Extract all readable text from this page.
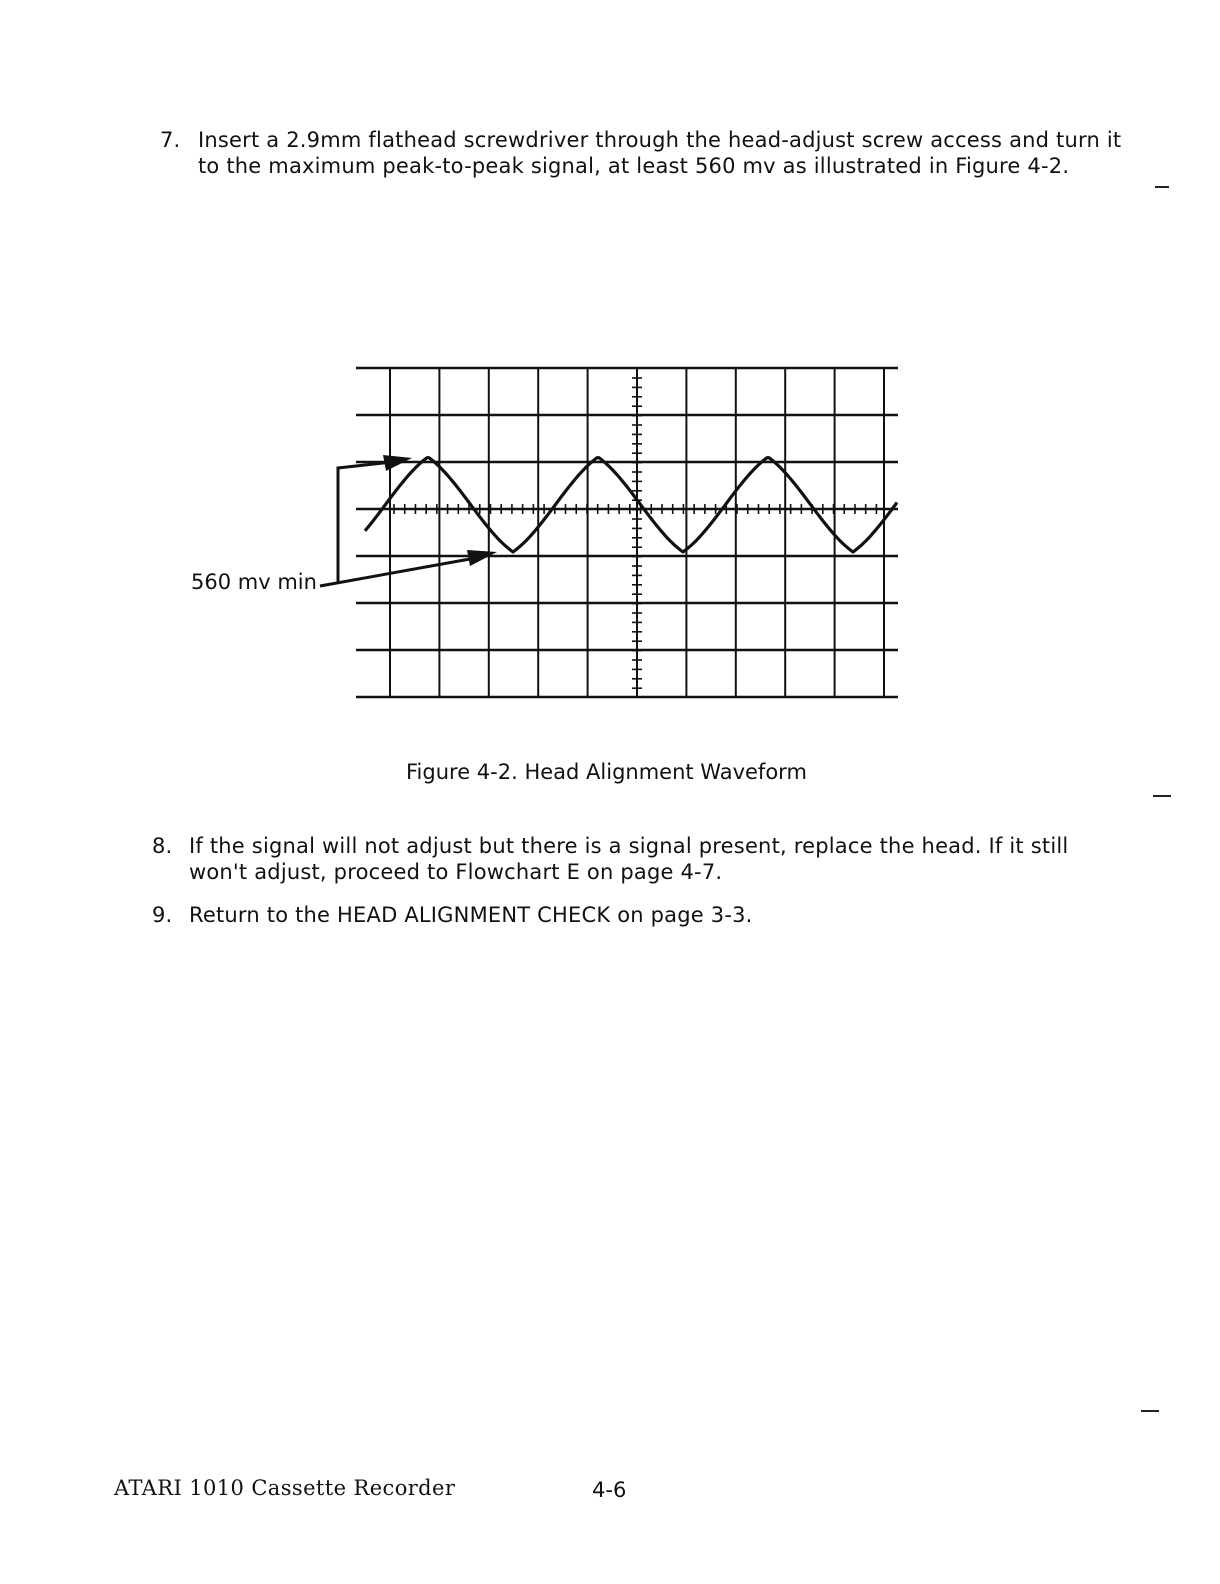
7. Insert a 2.9mm flathead screwdriver through the head-adjust screw access and turn it
to the maximum peak-to-peak signal, at least 560 mv as illustrated in Figure 4-2.
560 mv min
Figure 4-2. Head Alignment Waveform
8. If the signal will not adjust but there is a signal present, replace the head. If it still
won't adjust, proceed to Flowchart E on page 4-7.
9. Return to the HEAD ALIGNMENT CHECK on page 3-3.
ATARI 1010 Cassette Recorder	4-6
